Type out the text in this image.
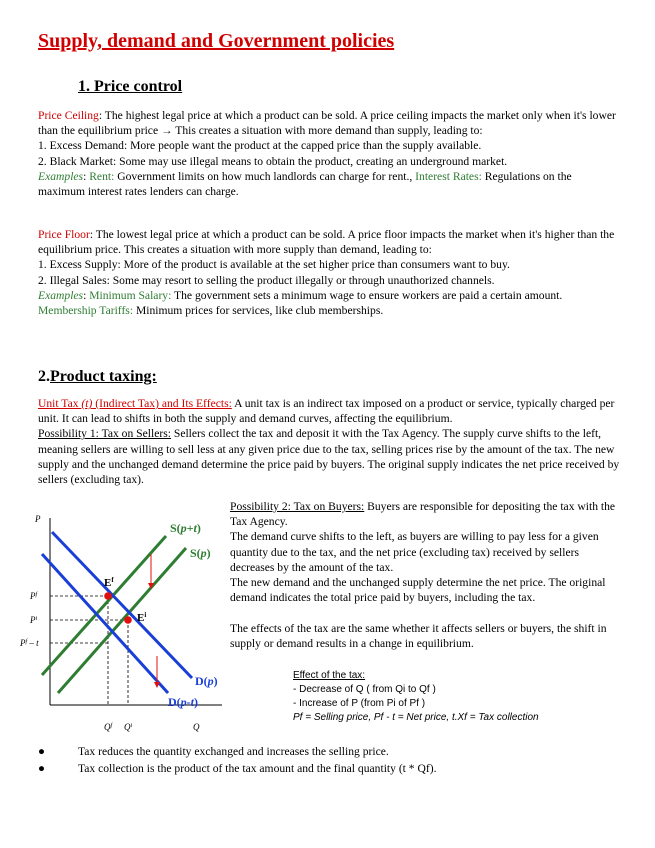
Supply, demand and Government policies
1. Price control

Price Ceiling: The highest legal price at which a product can be sold. A price ceiling impacts the market only when it's lower than the equilibrium price → This creates a situation with more demand than supply, leading to:
1. Excess Demand: More people want the product at the capped price than the supply available.
2. Black Market: Some may use illegal means to obtain the product, creating an underground market.
Examples: Rent: Government limits on how much landlords can charge for rent., Interest Rates: Regulations on the maximum interest rates lenders can charge.

Price Floor: The lowest legal price at which a product can be sold. A price floor impacts the market when it's higher than the equilibrium price. This creates a situation with more supply than demand, leading to:
1. Excess Supply: More of the product is available at the set higher price than consumers want to buy.
2. Illegal Sales: Some may resort to selling the product illegally or through unauthorized channels.
Examples: Minimum Salary: The government sets a minimum wage to ensure workers are paid a certain amount. Membership Tariffs: Minimum prices for services, like club memberships.

2.Product taxing:

Unit Tax (t) (Indirect Tax) and Its Effects: A unit tax is an indirect tax imposed on a product or service, typically charged per unit. It can lead to shifts in both the supply and demand curves, affecting the equilibrium.
Possibility 1: Tax on Sellers: Sellers collect the tax and deposit it with the Tax Agency. The supply curve shifts to the left, meaning sellers are willing to sell less at any given price due to the tax, selling prices rise by the amount of the tax. The new supply and the unchanged demand determine the price paid by buyers. The original supply indicates the net price received by sellers (excluding tax).

Possibility 2: Tax on Buyers: Buyers are responsible for depositing the tax with the Tax Agency.
The demand curve shifts to the left, as buyers are willing to pay less for a given quantity due to the tax, and the net price (excluding tax) received by sellers decreases by the amount of the tax.
The new demand and the unchanged supply determine the net price. The original demand indicates the total price paid by buyers, including the tax.

The effects of the tax are the same whether it affects sellers or buyers, the shift in supply or demand results in a change in equilibrium.

Effect of the tax:
- Decrease of Q ( from Qi to Qf )
- Increase of P (from Pi of Pf )
Pf = Selling price, Pf - t = Net price, t.Xf = Tax collection
P
Q
$E^f$
$E^i$
S(p+t)
S(p)
D(p)
D(p-t)
$P^f$
$P^i$
$P^f$ – t
$Q^f$ $Q^i$
●	Tax reduces the quantity exchanged and increases the selling price.
●	Tax collection is the product of the tax amount and the final quantity (t * Qf).
